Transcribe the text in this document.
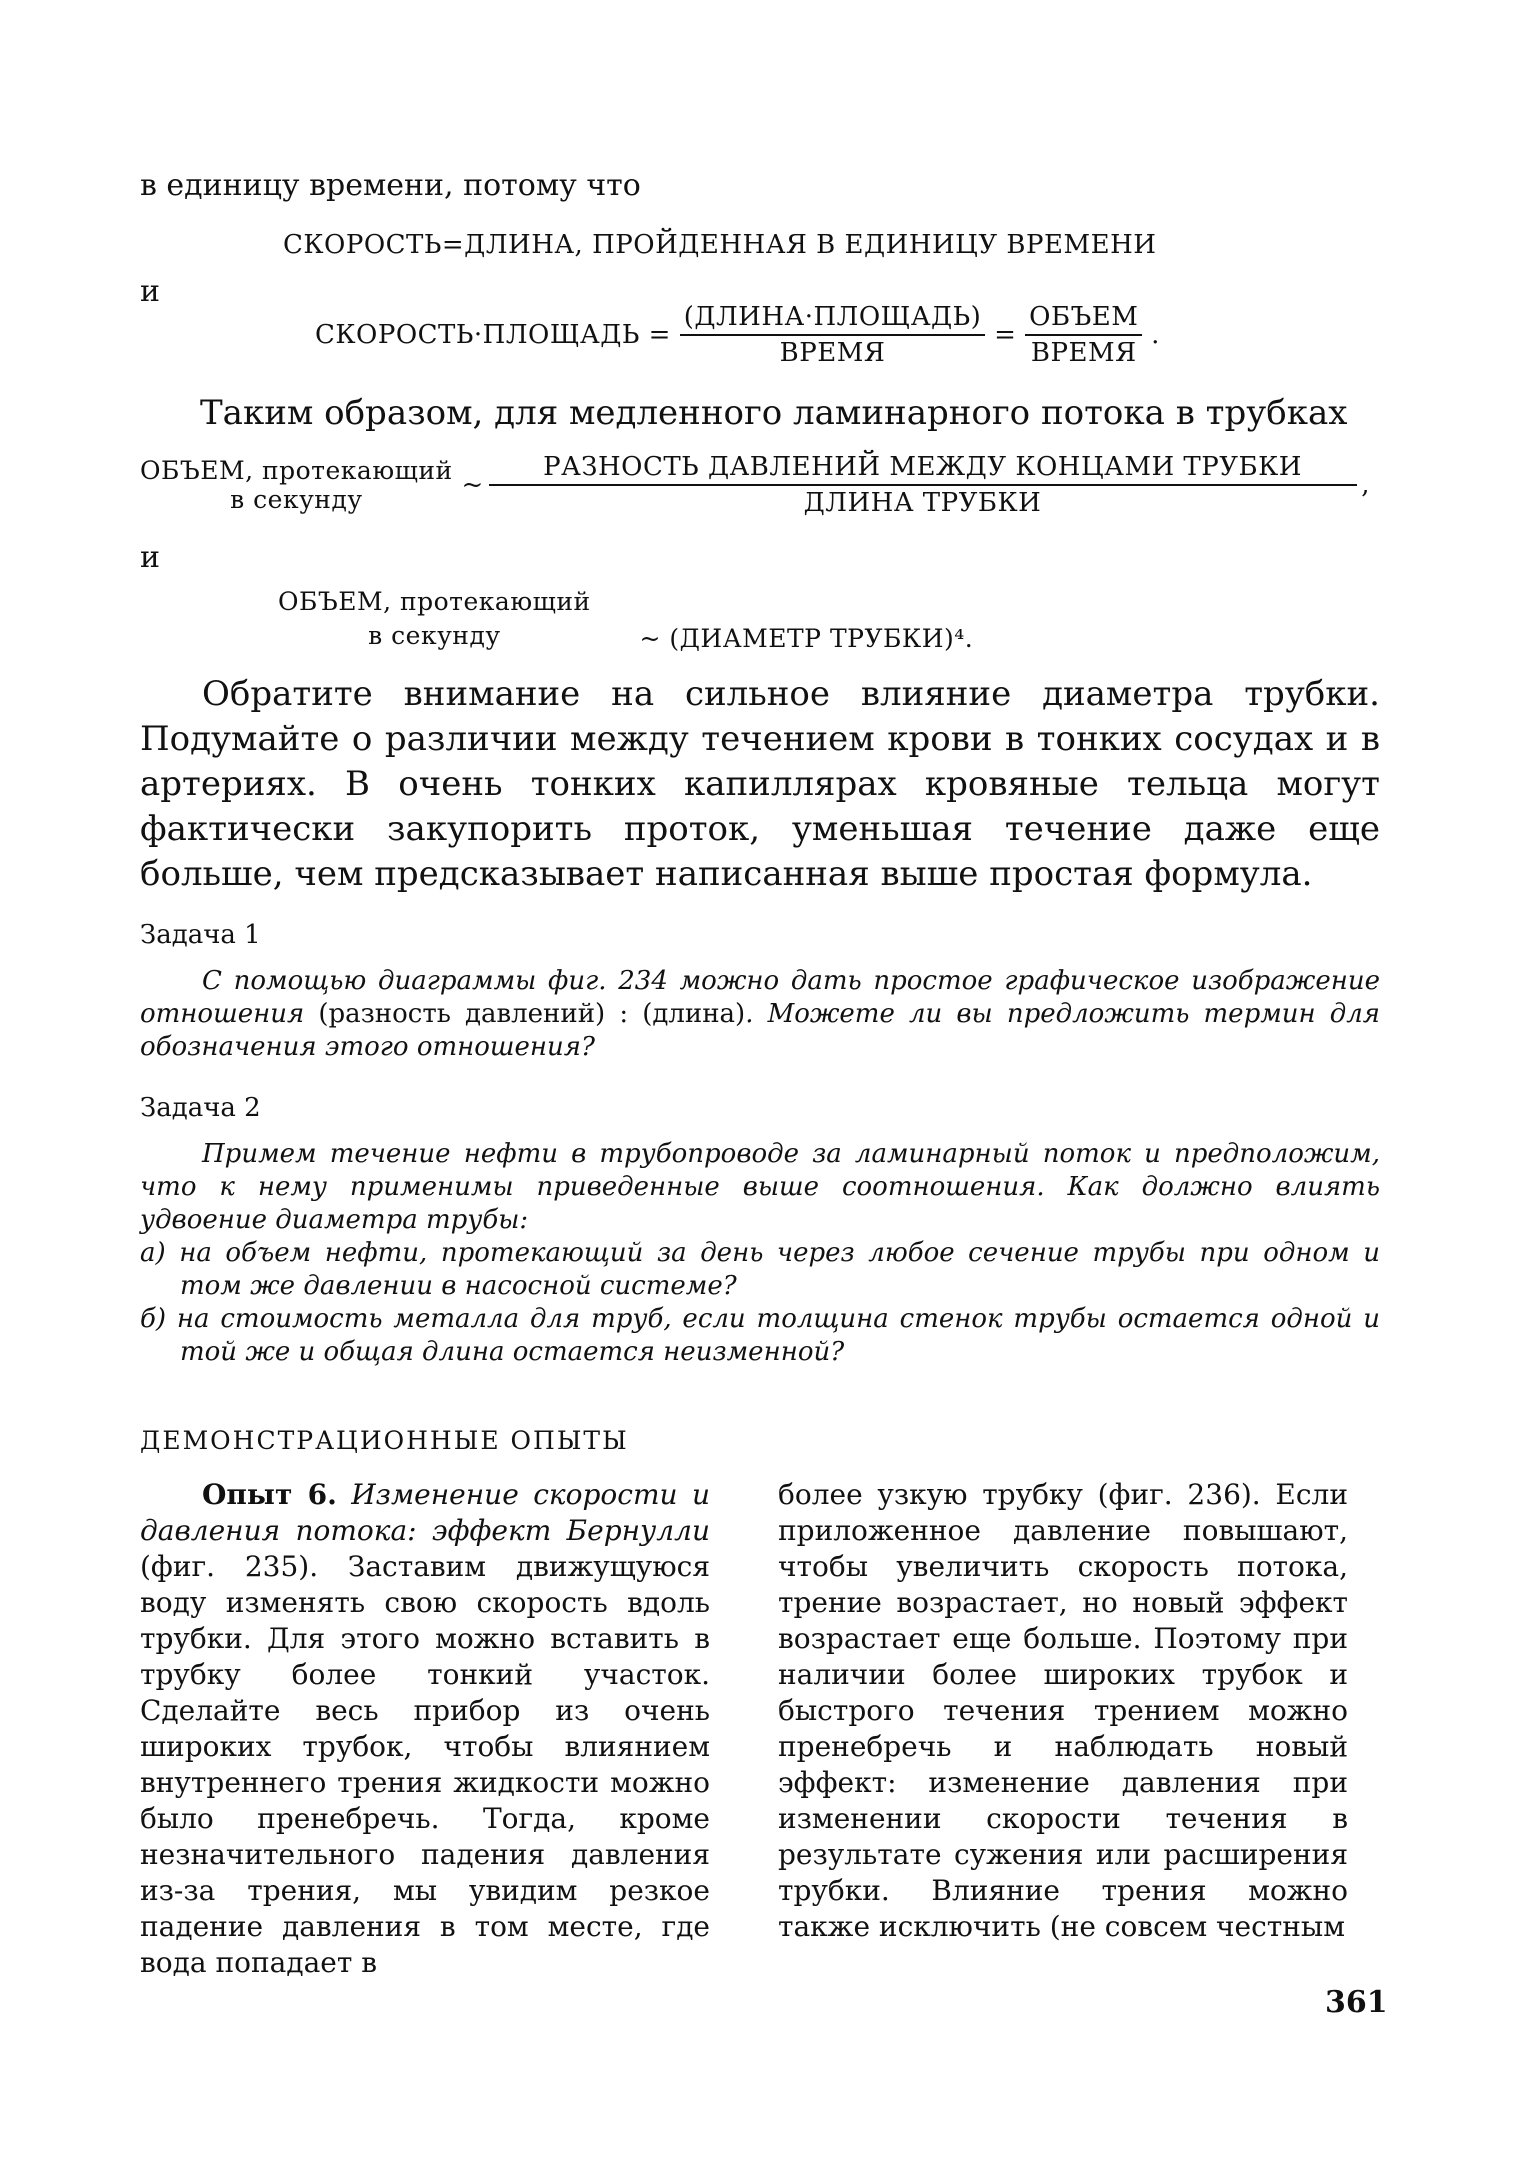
в единицу времени, потому что
СКОРОСТЬ=ДЛИНА, ПРОЙДЕННАЯ В ЕДИНИЦУ ВРЕМЕНИ
и
СКОРОСТЬ·ПЛОЩАДЬ = $\frac{\text{(ДЛИНА·ПЛОЩАДЬ)}}{\text{ВРЕМЯ}} = \frac{\text{ОБЪЕМ}}{\text{ВРЕМЯ}}$ .
Таким образом, для медленного ламинарного потока в трубках
ОБЪЕМ, протекающий
в секунду	~ $\frac{\text{РАЗНОСТЬ ДАВЛЕНИЙ МЕЖДУ КОНЦАМИ ТРУБКИ}}{\text{ДЛИНА ТРУБКИ}}$ ,
и
ОБЪЕМ, протекающий
в секунду	~ (ДИАМЕТР ТРУБКИ)⁴.
Обратите внимание на сильное влияние диаметра трубки. Подумайте о различии между течением крови в тонких сосудах и в артериях. В очень тонких капиллярах кровяные тельца могут фактически закупорить проток, уменьшая течение даже еще больше, чем предсказывает написанная выше простая формула.
Задача 1
С помощью диаграммы фиг. 234 можно дать простое графическое изображение отношения (разность давлений) : (длина). Можете ли вы предложить термин для обозначения этого отношения?
Задача 2
Примем течение нефти в трубопроводе за ламинарный поток и предположим, что к нему применимы приведенные выше соотношения. Как должно влиять удвоение диаметра трубы:
а) на объем нефти, протекающий за день через любое сечение трубы при одном и том же давлении в насосной системе?
б) на стоимость металла для труб, если толщина стенок трубы остается одной и той же и общая длина остается неизменной?
ДЕМОНСТРАЦИОННЫЕ ОПЫТЫ
Опыт 6. Изменение скорости и давления потока: эффект Бернулли (фиг. 235). Заставим движущуюся воду изменять свою скорость вдоль трубки. Для этого можно вставить в трубку более тонкий участок. Сделайте весь прибор из очень широких трубок, чтобы влиянием внутреннего трения жидкости можно было пренебречь. Тогда, кроме незначительного падения давления из-за трения, мы увидим резкое падение давления в том месте, где вода попадает в
более узкую трубку (фиг. 236). Если приложенное давление повышают, чтобы увеличить скорость потока, трение возрастает, но новый эффект возрастает еще больше. Поэтому при наличии более широких трубок и быстрого течения трением можно пренебречь и наблюдать новый эффект: изменение давления при изменении скорости течения в результате сужения или расширения трубки. Влияние трения можно также исключить (не совсем честным
361
